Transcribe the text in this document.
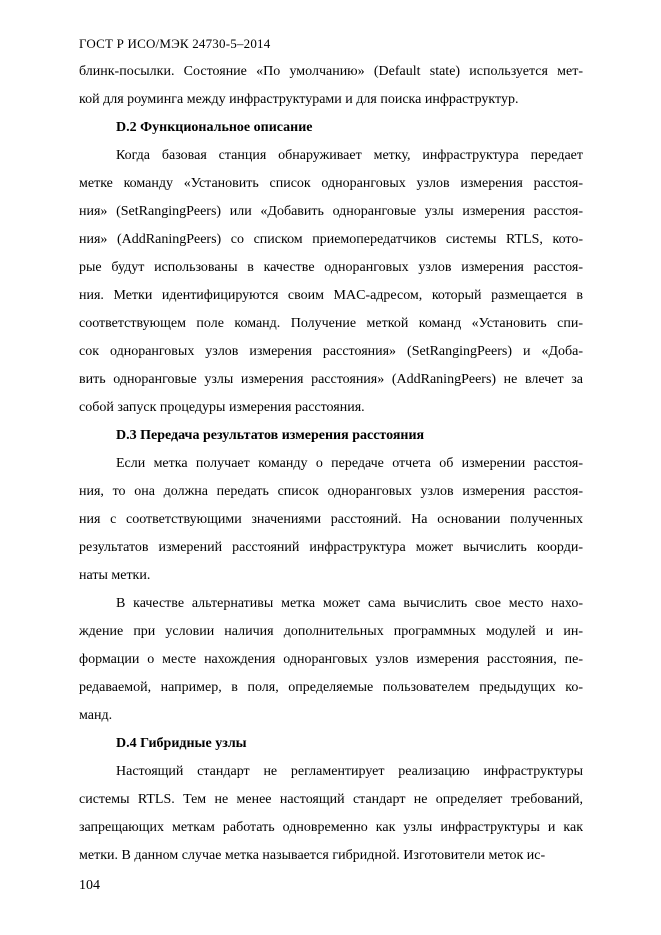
ГОСТ Р ИСО/МЭК 24730-5–2014
блинк-посылки. Состояние «По умолчанию» (Default state) используется мет-
кой для роуминга между инфраструктурами и для поиска инфраструктур.
D.2 Функциональное описание
Когда базовая станция обнаруживает метку, инфраструктура передает
метке команду «Установить список одноранговых узлов измерения расстоя-
ния» (SetRangingPeers) или «Добавить одноранговые узлы измерения расстоя-
ния» (AddRaningPeers) со списком приемопередатчиков системы RTLS, кото-
рые будут использованы в качестве одноранговых узлов измерения расстоя-
ния. Метки идентифицируются своим MAC-адресом, который размещается в
соответствующем поле команд. Получение меткой команд «Установить спи-
сок одноранговых узлов измерения расстояния» (SetRangingPeers) и «Доба-
вить одноранговые узлы измерения расстояния» (AddRaningPeers) не влечет за
собой запуск процедуры измерения расстояния.
D.3 Передача результатов измерения расстояния
Если метка получает команду о передаче отчета об измерении расстоя-
ния, то она должна передать список одноранговых узлов измерения расстоя-
ния с соответствующими значениями расстояний. На основании полученных
результатов измерений расстояний инфраструктура может вычислить коорди-
наты метки.
В качестве альтернативы метка может сама вычислить свое место нахо-
ждение при условии наличия дополнительных программных модулей и ин-
формации о месте нахождения одноранговых узлов измерения расстояния, пе-
редаваемой, например, в поля, определяемые пользователем предыдущих ко-
манд.
D.4 Гибридные узлы
Настоящий стандарт не регламентирует реализацию инфраструктуры
системы RTLS. Тем не менее настоящий стандарт не определяет требований,
запрещающих меткам работать одновременно как узлы инфраструктуры и как
метки. В данном случае метка называется гибридной. Изготовители меток ис-
104
